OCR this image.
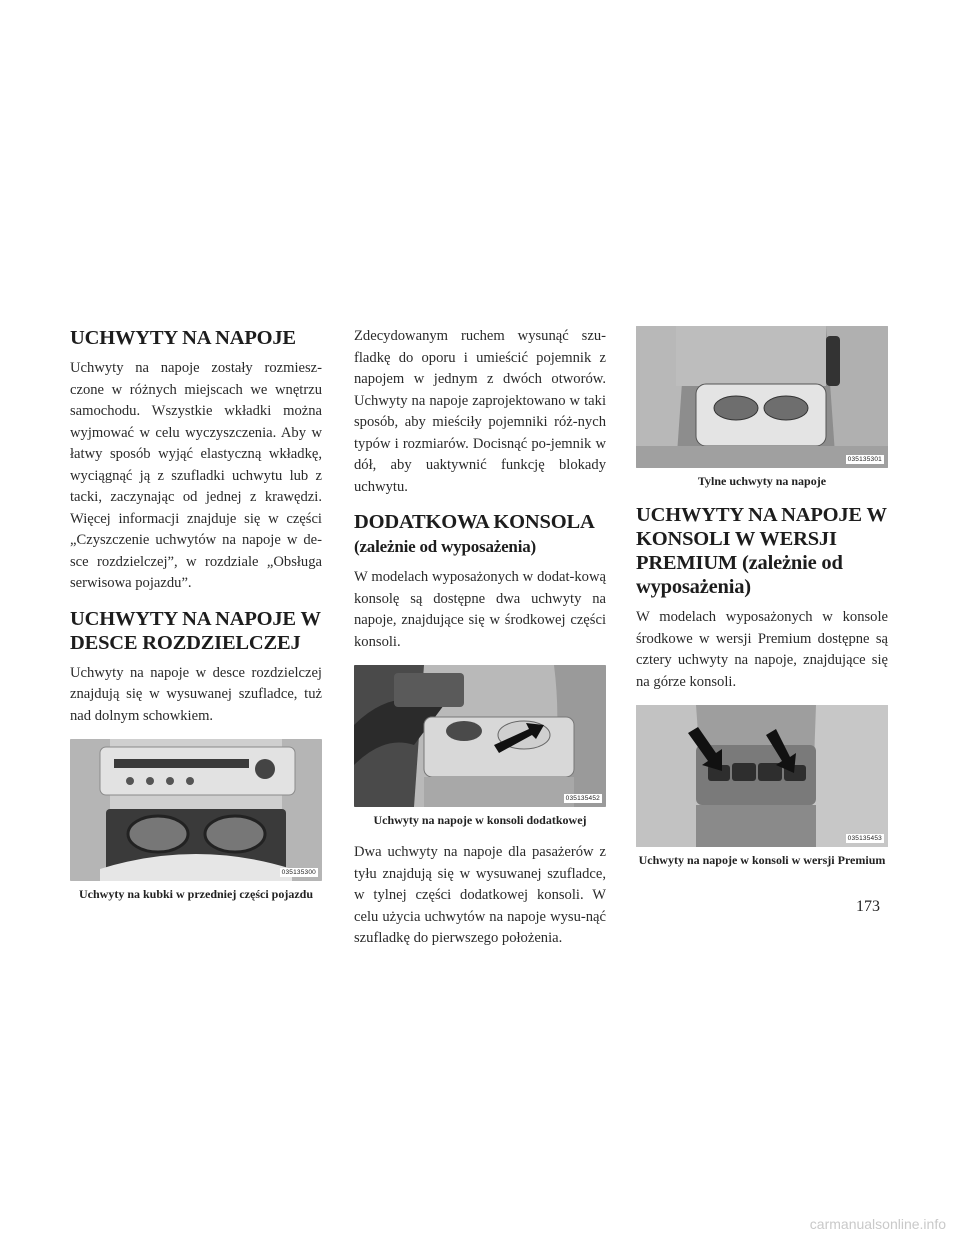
UCHWYTY NA NAPOJE

Uchwyty na napoje zostały rozmiesz-czone w różnych miejscach we wnętrzu samochodu. Wszystkie wkładki można wyjmować w celu wyczyszczenia. Aby w łatwy sposób wyjąć elastyczną wkładkę, wyciągnąć ją z szufladki uchwytu lub z tacki, zaczynając od jednej z krawędzi. Więcej informacji znajduje się w części „Czyszczenie uchwytów na napoje w de-sce rozdzielczej”, w rozdziale „Obsługa serwisowa pojazdu”.

UCHWYTY NA NAPOJE W DESCE ROZDZIELCZEJ

Uchwyty na napoje w desce rozdzielczej znajdują się w wysuwanej szufladce, tuż nad dolnym schowkiem.

035135300
Uchwyty na kubki w przedniej części pojazdu

Zdecydowanym ruchem wysunąć szu-fladkę do oporu i umieścić pojemnik z napojem w jednym z dwóch otworów. Uchwyty na napoje zaprojektowano w taki sposób, aby mieściły pojemniki róż-nych typów i rozmiarów. Docisnąć po-jemnik w dół, aby uaktywnić funkcję blokady uchwytu.

DODATKOWA KONSOLA
(zależnie od wyposażenia)

W modelach wyposażonych w dodat-kową konsolę są dostępne dwa uchwyty na napoje, znajdujące się w środkowej części konsoli.

035135452
Uchwyty na napoje w konsoli dodatkowej

Dwa uchwyty na napoje dla pasażerów z tyłu znajdują się w wysuwanej szufladce, w tylnej części dodatkowej konsoli. W celu użycia uchwytów na napoje wysu-nąć szufladkę do pierwszego położenia.

035135301
Tylne uchwyty na napoje
UCHWYTY NA NAPOJE W KONSOLI W WERSJI
PREMIUM (zależnie od wyposażenia)

W modelach wyposażonych w konsole środkowe w wersji Premium dostępne są cztery uchwyty na napoje, znajdujące się na górze konsoli.

035135453
Uchwyty na napoje w konsoli w wersji Premium
173
carmanualsonline.info
